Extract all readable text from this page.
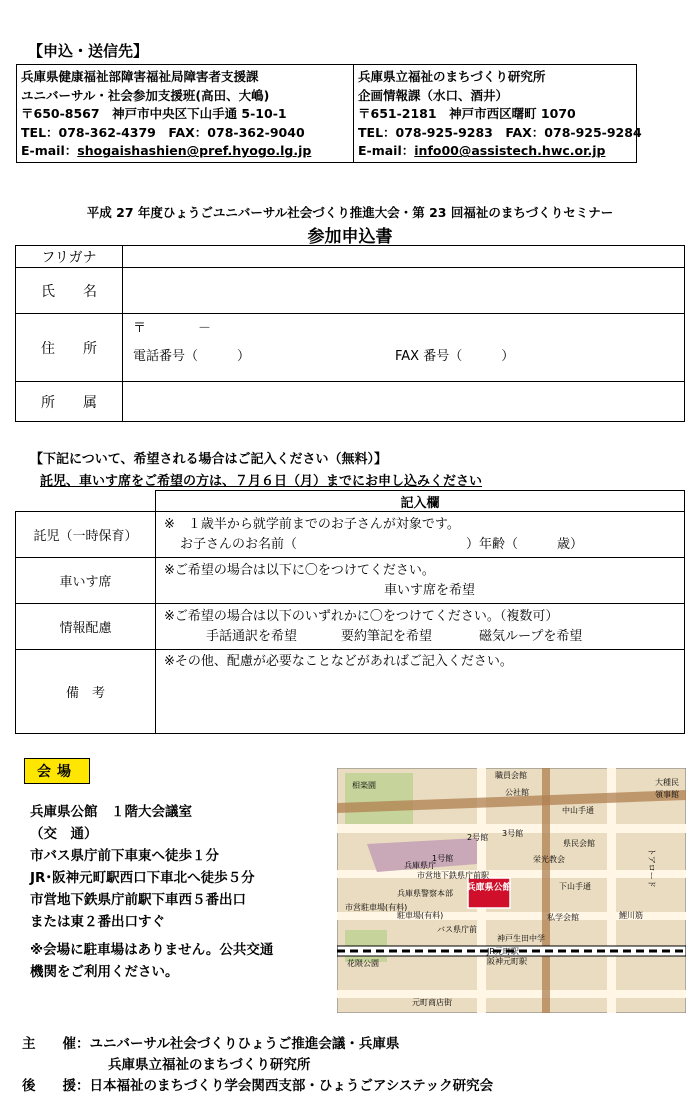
【申込・送信先】
兵庫県健康福祉部障害福祉局障害者支援課
ユニバーサル・社会参加支援班(高田、大嶋)
〒650-8567　神戸市中央区下山手通 5-10-1
TEL：078-362-4379　FAX：078-362-9040
E-mail：shogaishashien@pref.hyogo.lg.jp
兵庫県立福祉のまちづくり研究所
企画情報課（水口、酒井）
〒651-2181　神戸市西区曙町 1070
TEL：078-925-9283　FAX：078-925-9284
E-mail：info00@assistech.hwc.or.jp
平成 27 年度ひょうごユニバーサル社会づくり推進大会・第 23 回福祉のまちづくりセミナー
参加申込書
フリガナ	
氏　　名	
住　　所	〒　　　　－
電話番号（　　　） FAX 番号（　　　）

所　　属	
【下記について、希望される場合はご記入ください（無料）】
託児、車いす席をご希望の方は、７月６日（月）までにお申し込みください
	記入欄
託児（一時保育）	※　１歳半から就学前までのお子さんが対象です。
お子さんのお名前（　　　　　　　　　　　　　）年齢（　　　歳）

車いす席	※ご希望の場合は以下に〇をつけてください。
車いす席を希望

情報配慮	※ご希望の場合は以下のいずれかに〇をつけてください。（複数可）
手話通訳を希望 要約筆記を希望 磁気ループを希望

備　考	※その他、配慮が必要なことなどがあればご記入ください。
会場
兵庫県公館　１階大会議室
（交　通）
市バス県庁前下車東へ徒歩１分
JR･阪神元町駅西口下車北へ徒歩５分
市営地下鉄県庁前駅下車西５番出口
または東２番出口すぐ
※会場に駐車場はありません。公共交通
機関をご利用ください。
兵庫県公館
相楽園
職員会館
公社館
大種民
領事館
中山手通
2号館 3号館
1号館
兵庫県警察本部
県民会館
栄光教会
兵庫県庁
市営地下鉄県庁前駅
下山手通
市営駐車場(有料)
駐車場(有料)
バス県庁前
私学会館
花隈公園
神戸生田中学
JR元町駅
阪神元町駅
元町商店街
鯉川筋
トアロード
主　　催：ユニバーサル社会づくりひょうご推進会議・兵庫県
兵庫県立福祉のまちづくり研究所
後　　援：日本福祉のまちづくり学会関西支部・ひょうごアシステック研究会
